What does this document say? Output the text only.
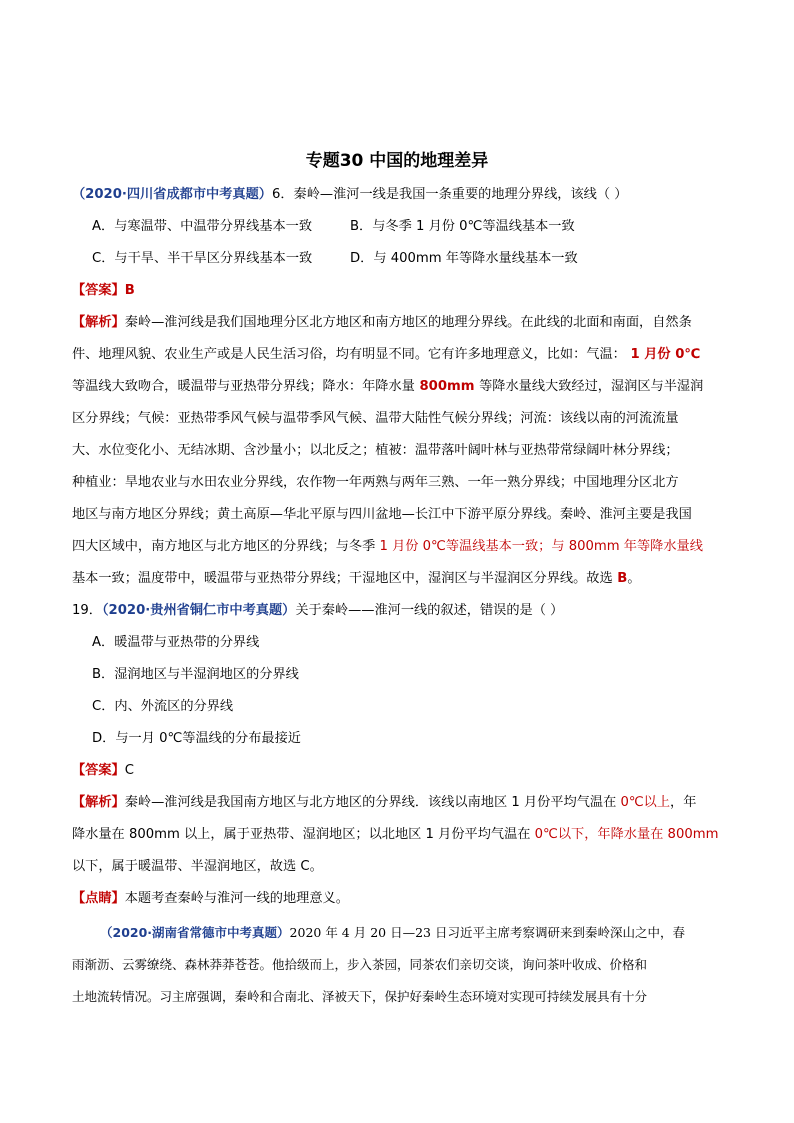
专题30 中国的地理差异
（2020·四川省成都市中考真题）6．秦岭—淮河一线是我国一条重要的地理分界线，该线（ ）
A．与寒温带、中温带分界线基本一致	B．与冬季 1 月份 0℃等温线基本一致
C．与干旱、半干旱区分界线基本一致	D．与 400mm 年等降水量线基本一致
【答案】B
【解析】秦岭—淮河线是我们国地理分区北方地区和南方地区的地理分界线。在此线的北面和南面，自然条
件、地理风貌、农业生产或是人民生活习俗，均有明显不同。它有许多地理意义，比如：气温： 1 月份 0℃
等温线大致吻合，暖温带与亚热带分界线；降水：年降水量 800mm 等降水量线大致经过，湿润区与半湿润
区分界线；气候：亚热带季风气候与温带季风气候、温带大陆性气候分界线；河流：该线以南的河流流量
大、水位变化小、无结冰期、含沙量小；以北反之；植被：温带落叶阔叶林与亚热带常绿阔叶林分界线；
种植业：旱地农业与水田农业分界线，农作物一年两熟与两年三熟、一年一熟分界线；中国地理分区北方
地区与南方地区分界线；黄土高原—华北平原与四川盆地—长江中下游平原分界线。秦岭、淮河主要是我国
四大区域中，南方地区与北方地区的分界线；与冬季 1 月份 0℃等温线基本一致；与 800mm 年等降水量线
基本一致；温度带中，暖温带与亚热带分界线；干湿地区中，湿润区与半湿润区分界线。故选 B。
19．（2020·贵州省铜仁市中考真题）关于秦岭——淮河一线的叙述，错误的是（ ）
A．暖温带与亚热带的分界线
B．湿润地区与半湿润地区的分界线
C．内、外流区的分界线
D．与一月 0℃等温线的分布最接近
【答案】C
【解析】秦岭—淮河线是我国南方地区与北方地区的分界线．该线以南地区 1 月份平均气温在 0℃以上，年
降水量在 800mm 以上，属于亚热带、湿润地区；以北地区 1 月份平均气温在 0℃以下，年降水量在 800mm
以下，属于暖温带、半湿润地区，故选 C。
【点睛】本题考查秦岭与淮河一线的地理意义。
（2020·湖南省常德市中考真题）2020 年 4 月 20 日—23 日习近平主席考察调研来到秦岭深山之中，春
雨渐沥、云雾缭绕、森林莽莽苍苍。他拾级而上，步入茶园，同茶农们亲切交谈，询问茶叶收成、价格和
土地流转情况。习主席强调，秦岭和合南北、泽被天下，保护好秦岭生态环境对实现可持续发展具有十分
